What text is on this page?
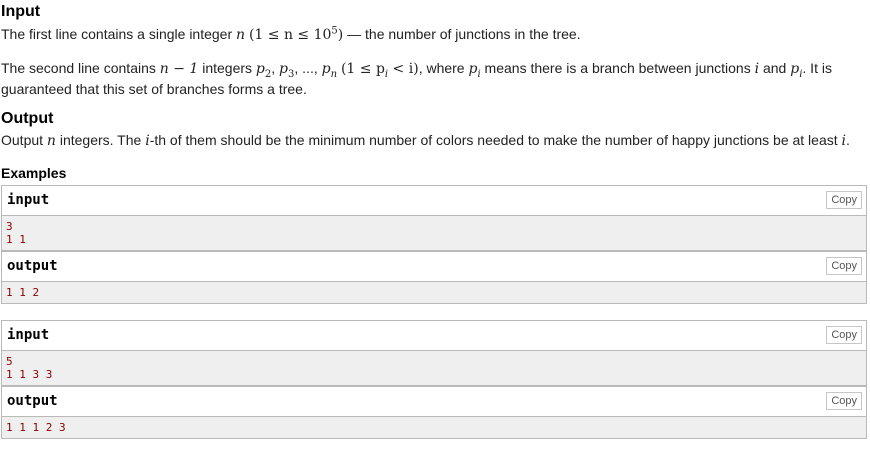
Input

The first line contains a single integer n $(1 \le n \le 10^5)$ — the number of junctions in the tree.

The second line contains n − 1 integers $p_2$, $p_3$, ..., $p_n$ $(1 \le p_i < i)$, where $p_i$ means there is a branch between junctions i and $p_i$. It is guaranteed that this set of branches forms a tree.

Output

Output n integers. The i-th of them should be the minimum number of colors needed to make the number of happy junctions be at least i.

Examples
input	Copy
3
1 1
output	Copy
1 1 2
input	Copy
5
1 1 3 3
output	Copy
1 1 1 2 3
